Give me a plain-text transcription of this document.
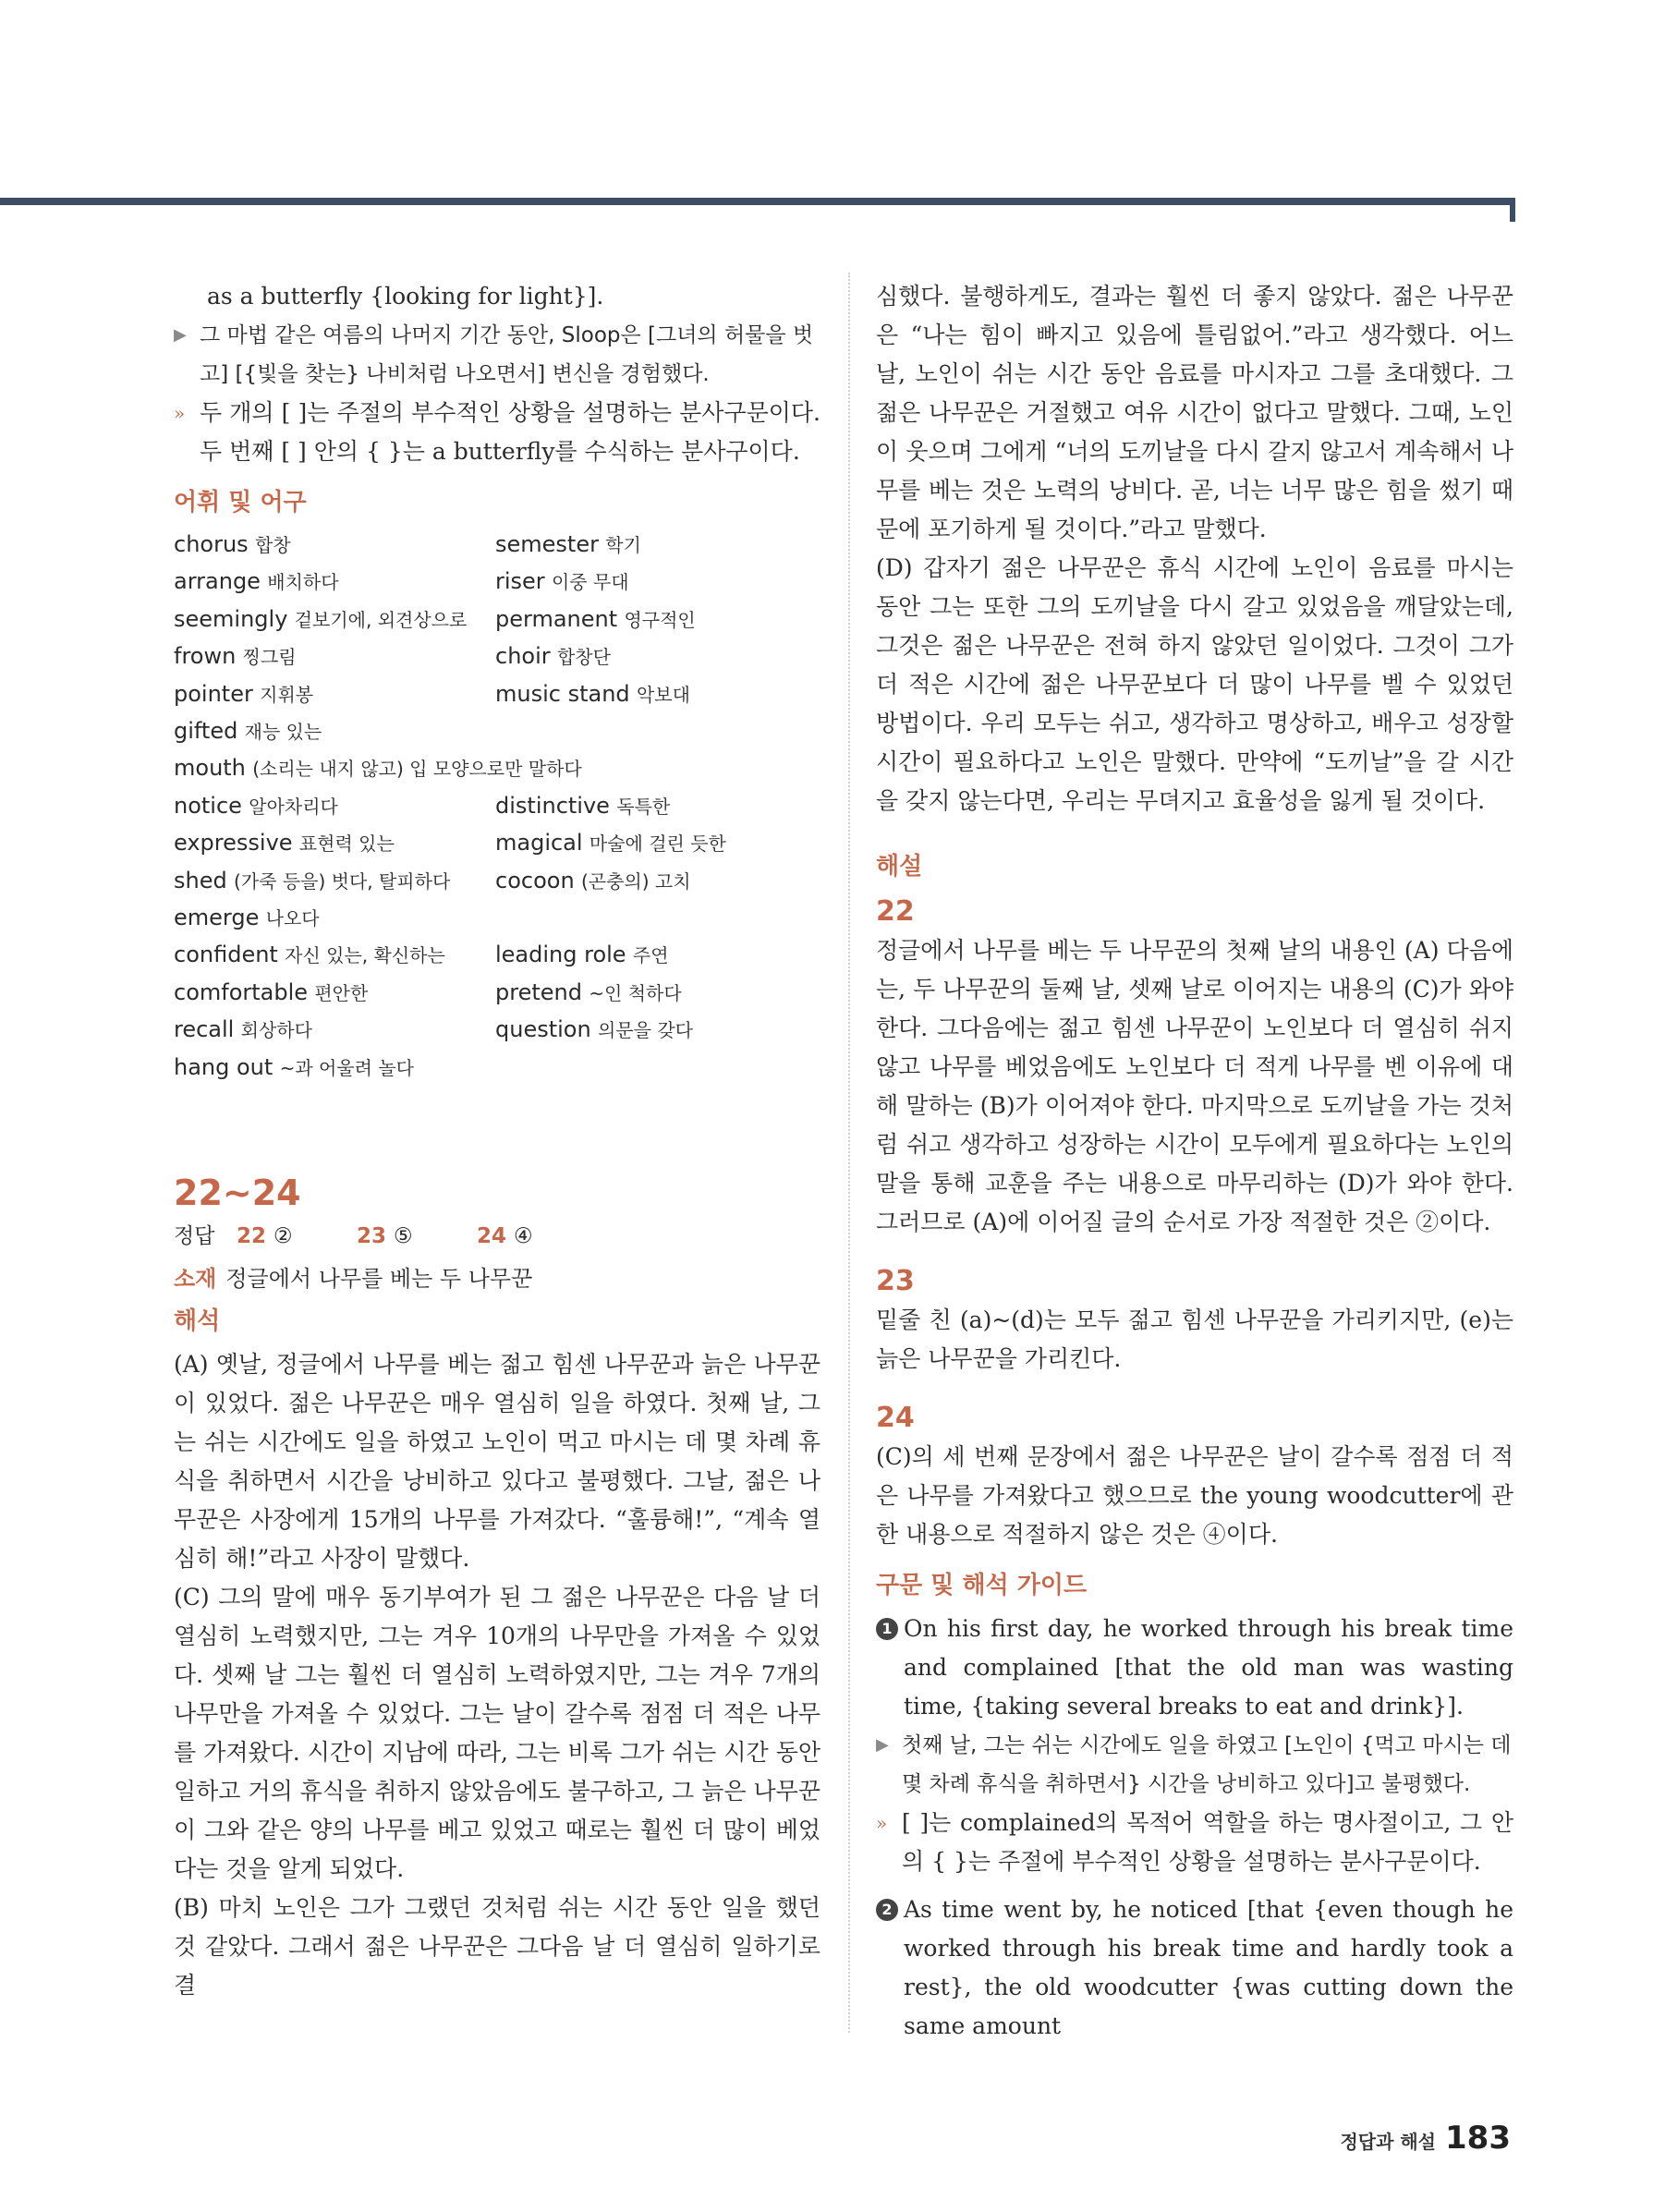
as a butterfly {looking for light}].
▶ 그 마법 같은 여름의 나머지 기간 동안, Sloop은 [그녀의 허물을 벗고] [{빛을 찾는} 나비처럼 나오면서] 변신을 경험했다.
» 두 개의 [ ]는 주절의 부수적인 상황을 설명하는 분사구문이다. 두 번째 [ ] 안의 { }는 a butterfly를 수식하는 분사구이다.
어휘 및 어구
chorus 합창	semester 학기
arrange 배치하다	riser 이중 무대
seemingly 겉보기에, 외견상으로	permanent 영구적인
frown 찡그림	choir 합창단
pointer 지휘봉	music stand 악보대
gifted 재능 있는
mouth (소리는 내지 않고) 입 모양으로만 말하다
notice 알아차리다	distinctive 독특한
expressive 표현력 있는	magical 마술에 걸린 듯한
shed (가죽 등을) 벗다, 탈피하다	cocoon (곤충의) 고치
emerge 나오다
confident 자신 있는, 확신하는	leading role 주연
comfortable 편안한	pretend ~인 척하다
recall 회상하다	question 의문을 갖다
hang out ~과 어울려 놀다
22~24
정답	22 ②	23 ⑤	24 ④
소재 정글에서 나무를 베는 두 나무꾼
해석
(A) 옛날, 정글에서 나무를 베는 젊고 힘센 나무꾼과 늙은 나무꾼이 있었다. 젊은 나무꾼은 매우 열심히 일을 하였다. 첫째 날, 그는 쉬는 시간에도 일을 하였고 노인이 먹고 마시는 데 몇 차례 휴식을 취하면서 시간을 낭비하고 있다고 불평했다. 그날, 젊은 나무꾼은 사장에게 15개의 나무를 가져갔다. “훌륭해!”, “계속 열심히 해!”라고 사장이 말했다.
(C) 그의 말에 매우 동기부여가 된 그 젊은 나무꾼은 다음 날 더 열심히 노력했지만, 그는 겨우 10개의 나무만을 가져올 수 있었다. 셋째 날 그는 훨씬 더 열심히 노력하였지만, 그는 겨우 7개의 나무만을 가져올 수 있었다. 그는 날이 갈수록 점점 더 적은 나무를 가져왔다. 시간이 지남에 따라, 그는 비록 그가 쉬는 시간 동안 일하고 거의 휴식을 취하지 않았음에도 불구하고, 그 늙은 나무꾼이 그와 같은 양의 나무를 베고 있었고 때로는 훨씬 더 많이 베었다는 것을 알게 되었다.
(B) 마치 노인은 그가 그랬던 것처럼 쉬는 시간 동안 일을 했던 것 같았다. 그래서 젊은 나무꾼은 그다음 날 더 열심히 일하기로 결
심했다. 불행하게도, 결과는 훨씬 더 좋지 않았다. 젊은 나무꾼은 “나는 힘이 빠지고 있음에 틀림없어.”라고 생각했다. 어느 날, 노인이 쉬는 시간 동안 음료를 마시자고 그를 초대했다. 그 젊은 나무꾼은 거절했고 여유 시간이 없다고 말했다. 그때, 노인이 웃으며 그에게 “너의 도끼날을 다시 갈지 않고서 계속해서 나무를 베는 것은 노력의 낭비다. 곧, 너는 너무 많은 힘을 썼기 때문에 포기하게 될 것이다.”라고 말했다.
(D) 갑자기 젊은 나무꾼은 휴식 시간에 노인이 음료를 마시는 동안 그는 또한 그의 도끼날을 다시 갈고 있었음을 깨달았는데, 그것은 젊은 나무꾼은 전혀 하지 않았던 일이었다. 그것이 그가 더 적은 시간에 젊은 나무꾼보다 더 많이 나무를 벨 수 있었던 방법이다. 우리 모두는 쉬고, 생각하고 명상하고, 배우고 성장할 시간이 필요하다고 노인은 말했다. 만약에 “도끼날”을 갈 시간을 갖지 않는다면, 우리는 무뎌지고 효율성을 잃게 될 것이다.
해설
22
정글에서 나무를 베는 두 나무꾼의 첫째 날의 내용인 (A) 다음에는, 두 나무꾼의 둘째 날, 셋째 날로 이어지는 내용의 (C)가 와야 한다. 그다음에는 젊고 힘센 나무꾼이 노인보다 더 열심히 쉬지 않고 나무를 베었음에도 노인보다 더 적게 나무를 벤 이유에 대해 말하는 (B)가 이어져야 한다. 마지막으로 도끼날을 가는 것처럼 쉬고 생각하고 성장하는 시간이 모두에게 필요하다는 노인의 말을 통해 교훈을 주는 내용으로 마무리하는 (D)가 와야 한다. 그러므로 (A)에 이어질 글의 순서로 가장 적절한 것은 ②이다.
23
밑줄 친 (a)~(d)는 모두 젊고 힘센 나무꾼을 가리키지만, (e)는 늙은 나무꾼을 가리킨다.
24
(C)의 세 번째 문장에서 젊은 나무꾼은 날이 갈수록 점점 더 적은 나무를 가져왔다고 했으므로 the young woodcutter에 관한 내용으로 적절하지 않은 것은 ④이다.
구문 및 해석 가이드
1 On his first day, he worked through his break time and complained [that the old man was wasting time, {taking several breaks to eat and drink}].
▶ 첫째 날, 그는 쉬는 시간에도 일을 하였고 [노인이 {먹고 마시는 데 몇 차례 휴식을 취하면서} 시간을 낭비하고 있다]고 불평했다.
» [ ]는 complained의 목적어 역할을 하는 명사절이고, 그 안의 { }는 주절에 부수적인 상황을 설명하는 분사구문이다.
2 As time went by, he noticed [that {even though he worked through his break time and hardly took a rest}, the old woodcutter {was cutting down the same amount
정답과 해설 183
